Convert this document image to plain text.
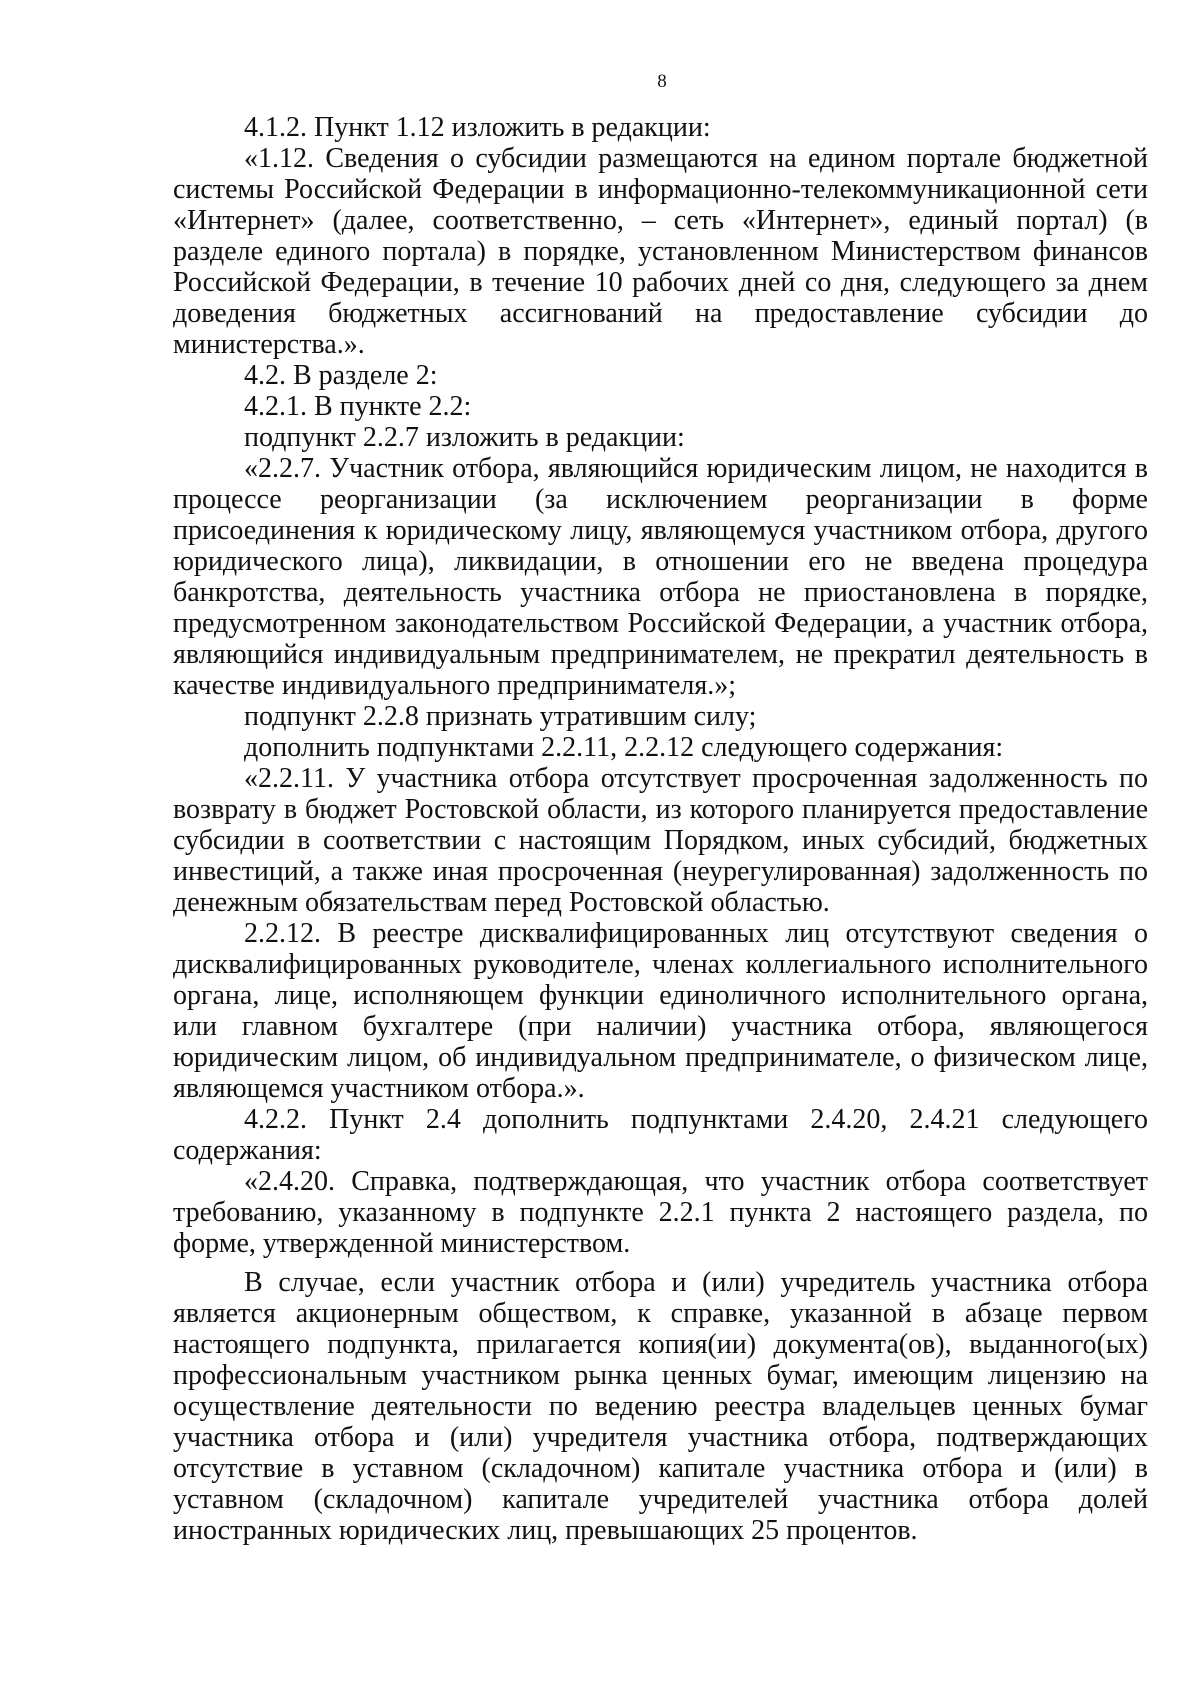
8

4.1.2. Пункт 1.12 изложить в редакции:

«1.12. Сведения о субсидии размещаются на едином портале бюджетной системы Российской Федерации в информационно-телекоммуникационной сети «Интернет» (далее, соответственно, – сеть «Интернет», единый портал) (в разделе единого портала) в порядке, установленном Министерством финансов Российской Федерации, в течение 10 рабочих дней со дня, следующего за днем доведения бюджетных ассигнований на предоставление субсидии до министерства.».

4.2. В разделе 2:

4.2.1. В пункте 2.2:

подпункт 2.2.7 изложить в редакции:

«2.2.7. Участник отбора, являющийся юридическим лицом, не находится в процессе реорганизации (за исключением реорганизации в форме присоединения к юридическому лицу, являющемуся участником отбора, другого юридического лица), ликвидации, в отношении его не введена процедура банкротства, деятельность участника отбора не приостановлена в порядке, предусмотренном законодательством Российской Федерации, а участник отбора, являющийся индивидуальным предпринимателем, не прекратил деятельность в качестве индивидуального предпринимателя.»;

подпункт 2.2.8 признать утратившим силу;

дополнить подпунктами 2.2.11, 2.2.12 следующего содержания:

«2.2.11. У участника отбора отсутствует просроченная задолженность по возврату в бюджет Ростовской области, из которого планируется предоставление субсидии в соответствии с настоящим Порядком, иных субсидий, бюджетных инвестиций, а также иная просроченная (неурегулированная) задолженность по денежным обязательствам перед Ростовской областью.

2.2.12. В реестре дисквалифицированных лиц отсутствуют сведения о дисквалифицированных руководителе, членах коллегиального исполнительного органа, лице, исполняющем функции единоличного исполнительного органа, или главном бухгалтере (при наличии) участника отбора, являющегося юридическим лицом, об индивидуальном предпринимателе, о физическом лице, являющемся участником отбора.».

4.2.2. Пункт 2.4 дополнить подпунктами 2.4.20, 2.4.21 следующего содержания:

«2.4.20. Справка, подтверждающая, что участник отбора соответствует требованию, указанному в подпункте 2.2.1 пункта 2 настоящего раздела, по форме, утвержденной министерством.

В случае, если участник отбора и (или) учредитель участника отбора является акционерным обществом, к справке, указанной в абзаце первом настоящего подпункта, прилагается копия(ии) документа(ов), выданного(ых) профессиональным участником рынка ценных бумаг, имеющим лицензию на осуществление деятельности по ведению реестра владельцев ценных бумаг участника отбора и (или) учредителя участника отбора, подтверждающих отсутствие в уставном (складочном) капитале участника отбора и (или) в уставном (складочном) капитале учредителей участника отбора долей иностранных юридических лиц, превышающих 25 процентов.
